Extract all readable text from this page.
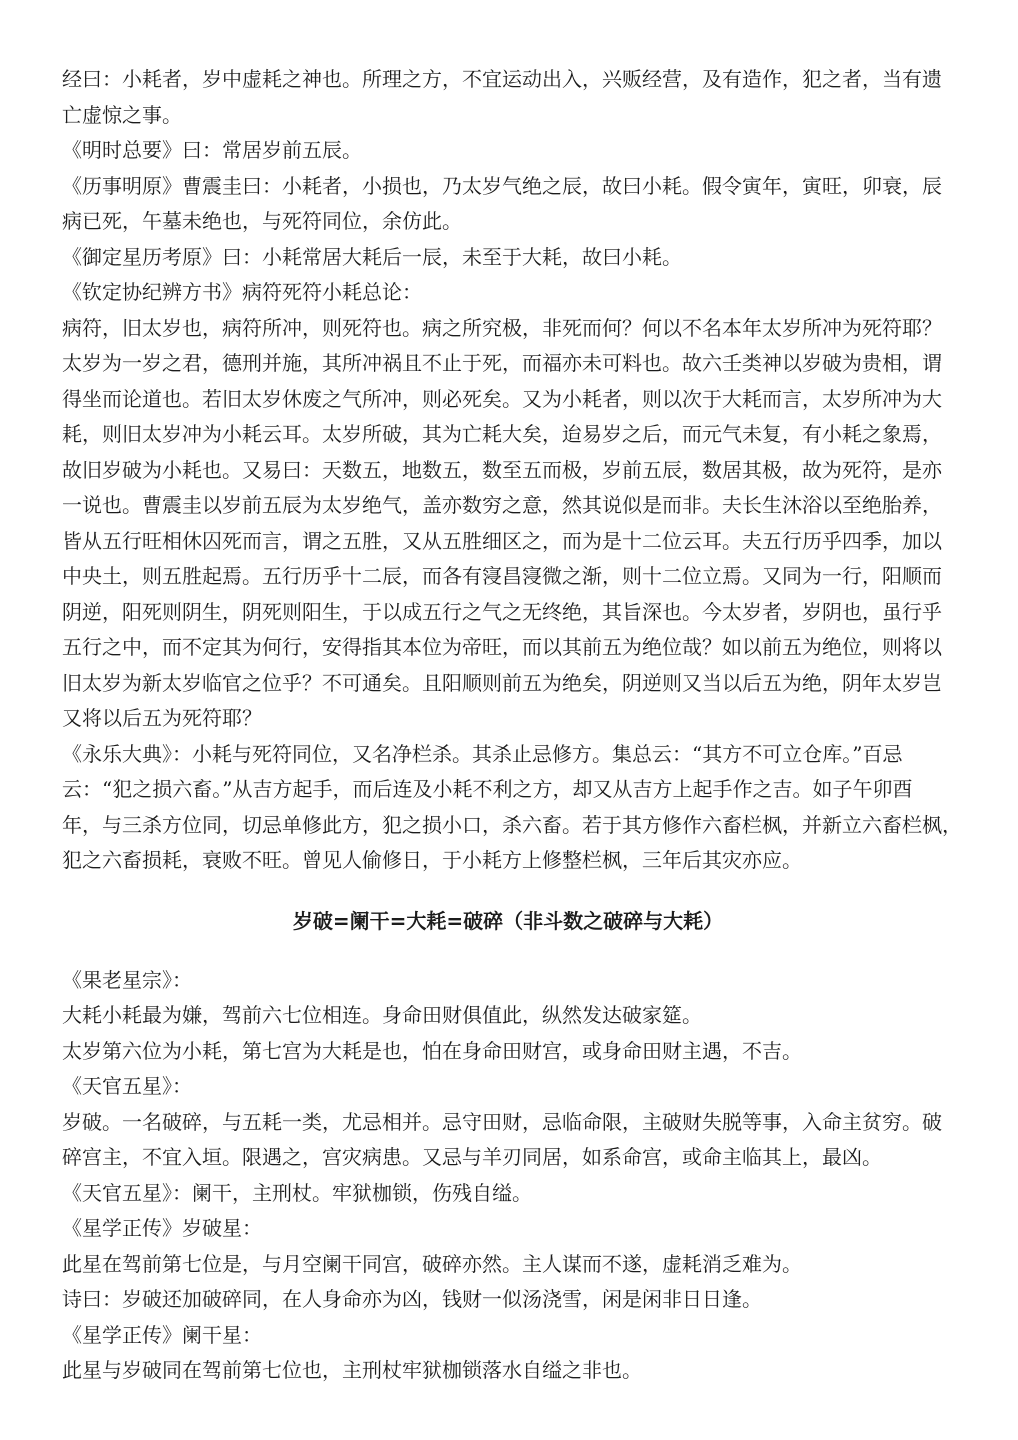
经曰：小耗者，岁中虚耗之神也。所理之方，不宜运动出入，兴贩经营，及有造作，犯之者，当有遗
亡虚惊之事。
《明时总要》曰：常居岁前五辰。
《历事明原》曹震圭曰：小耗者，小损也，乃太岁气绝之辰，故曰小耗。假令寅年，寅旺，卯衰，辰
病已死，午墓未绝也，与死符同位，余仿此。
《御定星历考原》曰：小耗常居大耗后一辰，未至于大耗，故曰小耗。
《钦定协纪辨方书》病符死符小耗总论：
病符，旧太岁也，病符所冲，则死符也。病之所究极，非死而何？何以不名本年太岁所冲为死符耶？
太岁为一岁之君，德刑并施，其所冲祸且不止于死，而福亦未可料也。故六壬类神以岁破为贵相，谓
得坐而论道也。若旧太岁休废之气所冲，则必死矣。又为小耗者，则以次于大耗而言，太岁所冲为大
耗，则旧太岁冲为小耗云耳。太岁所破，其为亡耗大矣，迨易岁之后，而元气未复，有小耗之象焉，
故旧岁破为小耗也。又易曰：天数五，地数五，数至五而极，岁前五辰，数居其极，故为死符，是亦
一说也。曹震圭以岁前五辰为太岁绝气，盖亦数穷之意，然其说似是而非。夫长生沐浴以至绝胎养，
皆从五行旺相休囚死而言，谓之五胜，又从五胜细区之，而为是十二位云耳。夫五行历乎四季，加以
中央土，则五胜起焉。五行历乎十二辰，而各有寖昌寖微之渐，则十二位立焉。又同为一行，阳顺而
阴逆，阳死则阴生，阴死则阳生，于以成五行之气之无终绝，其旨深也。今太岁者，岁阴也，虽行乎
五行之中，而不定其为何行，安得指其本位为帝旺，而以其前五为绝位哉？如以前五为绝位，则将以
旧太岁为新太岁临官之位乎？不可通矣。且阳顺则前五为绝矣，阴逆则又当以后五为绝，阴年太岁岂
又将以后五为死符耶？
《永乐大典》：小耗与死符同位，又名净栏杀。其杀止忌修方。集总云：“其方不可立仓库。”百忌
云：“犯之损六畜。”从吉方起手，而后连及小耗不利之方，却又从吉方上起手作之吉。如子午卯酉
年，与三杀方位同，切忌单修此方，犯之损小口，杀六畜。若于其方修作六畜栏枫，并新立六畜栏枫，
犯之六畜损耗，衰败不旺。曾见人偷修日，于小耗方上修整栏枫，三年后其灾亦应。
岁破=阑干=大耗=破碎（非斗数之破碎与大耗）
《果老星宗》：
大耗小耗最为嫌，驾前六七位相连。身命田财俱值此，纵然发达破家筵。
太岁第六位为小耗，第七宫为大耗是也，怕在身命田财宫，或身命田财主遇，不吉。
《天官五星》：
岁破。一名破碎，与五耗一类，尤忌相并。忌守田财，忌临命限，主破财失脱等事，入命主贫穷。破
碎宫主，不宜入垣。限遇之，宫灾病患。又忌与羊刃同居，如系命宫，或命主临其上，最凶。
《天官五星》：阑干，主刑杖。牢狱枷锁，伤残自缢。
《星学正传》岁破星：
此星在驾前第七位是，与月空阑干同宫，破碎亦然。主人谋而不遂，虚耗消乏难为。
诗曰：岁破还加破碎同，在人身命亦为凶，钱财一似汤浇雪，闲是闲非日日逢。
《星学正传》阑干星：
此星与岁破同在驾前第七位也，主刑杖牢狱枷锁落水自缢之非也。
